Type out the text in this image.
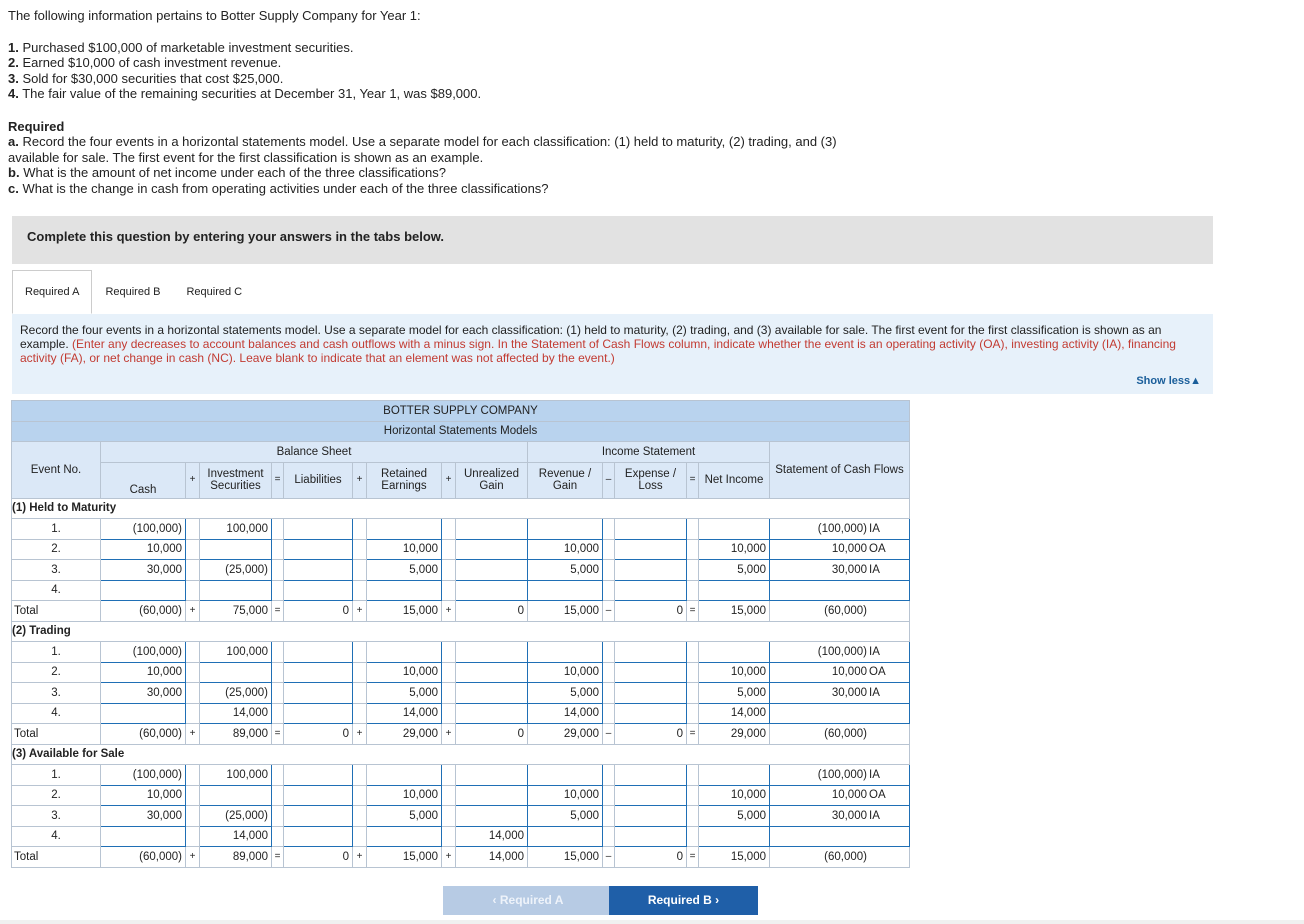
The following information pertains to Botter Supply Company for Year 1:

1. Purchased $100,000 of marketable investment securities.
2. Earned $10,000 of cash investment revenue.
3. Sold for $30,000 securities that cost $25,000.
4. The fair value of the remaining securities at December 31, Year 1, was $89,000.

Required

a. Record the four events in a horizontal statements model. Use a separate model for each classification: (1) held to maturity, (2) trading, and (3) available for sale. The first event for the first classification is shown as an example.

b. What is the amount of net income under each of the three classifications?

c. What is the change in cash from operating activities under each of the three classifications?

Complete this question by entering your answers in the tabs below.
Required A	Required B	Required C
Record the four events in a horizontal statements model. Use a separate model for each classification: (1) held to maturity, (2) trading, and (3) available for sale. The first event for the first classification is shown as an example. (Enter any decreases to account balances and cash outflows with a minus sign. In the Statement of Cash Flows column, indicate whether the event is an operating activity (OA), investing activity (IA), financing activity (FA), or net change in cash (NC). Leave blank to indicate that an element was not affected by the event.)
Show less▲
BOTTER SUPPLY COMPANY															
Horizontal Statements Models															
Event No.	Balance Sheet									Income Statement					Statement of Cash Flows
	Cash	+	Investment Securities	=	Liabilities	+	Retained Earnings	+	Unrealized Gain	Revenue / Gain	–	Expense / Loss	=	Net Income	

(1) Held to Maturity															
1.	(100,000)		100,000												(100,000) IA
2.	10,000						10,000			10,000				10,000	10,000 OA
3.	30,000		(25,000)				5,000			5,000				5,000	30,000 IA
4.															
Total	(60,000)	+	75,000	=	0	+	15,000	+	0	15,000	–	0	=	15,000	(60,000)
(2) Trading															
1.	(100,000)		100,000												(100,000) IA
2.	10,000						10,000			10,000				10,000	10,000 OA
3.	30,000		(25,000)				5,000			5,000				5,000	30,000 IA
4.			14,000				14,000			14,000				14,000	
Total	(60,000)	+	89,000	=	0	+	29,000	+	0	29,000	–	0	=	29,000	(60,000)
(3) Available for Sale															
1.	(100,000)		100,000												(100,000) IA
2.	10,000						10,000			10,000				10,000	10,000 OA
3.	30,000		(25,000)				5,000			5,000				5,000	30,000 IA
4.			14,000						14,000						
Total	(60,000)	+	89,000	=	0	+	15,000	+	14,000	15,000	–	0	=	15,000	(60,000)
‹ Required A	Required B ›
